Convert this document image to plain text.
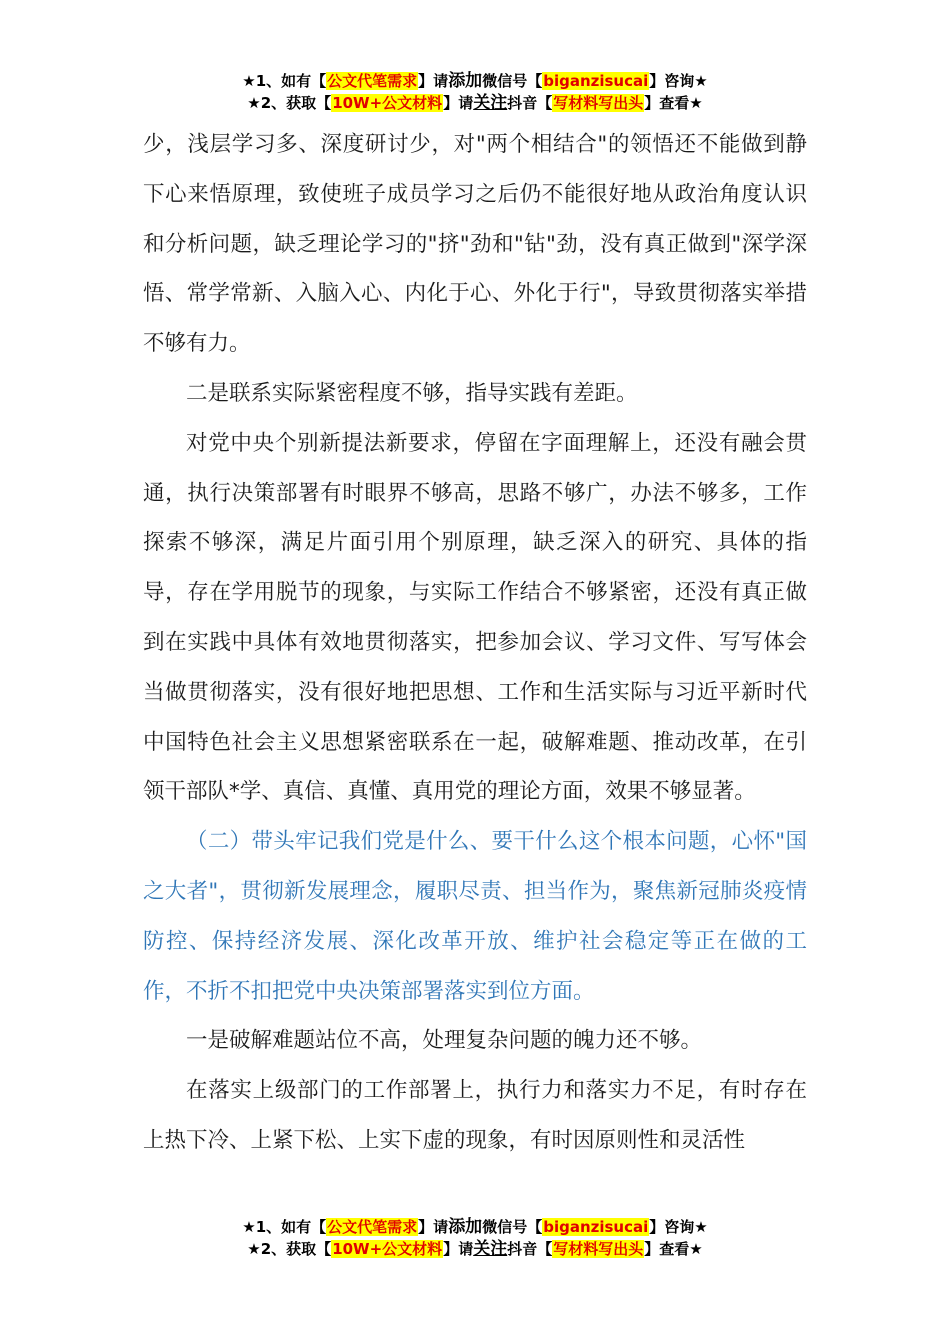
★1、如有【公文代笔需求】请添加微信号【biganzisucai】咨询★
★2、获取【10W+公文材料】请关注抖音【写材料写出头】查看★

少，浅层学习多、深度研讨少，对"两个相结合"的领悟还不能做到静下心来悟原理，致使班子成员学习之后仍不能很好地从政治角度认识和分析问题，缺乏理论学习的"挤"劲和"钻"劲，没有真正做到"深学深悟、常学常新、入脑入心、内化于心、外化于行"，导致贯彻落实举措不够有力。

二是联系实际紧密程度不够，指导实践有差距。

对党中央个别新提法新要求，停留在字面理解上，还没有融会贯通，执行决策部署有时眼界不够高，思路不够广，办法不够多，工作探索不够深，满足片面引用个别原理，缺乏深入的研究、具体的指导，存在学用脱节的现象，与实际工作结合不够紧密，还没有真正做到在实践中具体有效地贯彻落实，把参加会议、学习文件、写写体会当做贯彻落实，没有很好地把思想、工作和生活实际与习近平新时代中国特色社会主义思想紧密联系在一起，破解难题、推动改革，在引领干部队*学、真信、真懂、真用党的理论方面，效果不够显著。

（二）带头牢记我们党是什么、要干什么这个根本问题，心怀"国之大者"，贯彻新发展理念，履职尽责、担当作为，聚焦新冠肺炎疫情防控、保持经济发展、深化改革开放、维护社会稳定等正在做的工作，不折不扣把党中央决策部署落实到位方面。

一是破解难题站位不高，处理复杂问题的魄力还不够。

在落实上级部门的工作部署上，执行力和落实力不足，有时存在上热下冷、上紧下松、上实下虚的现象，有时因原则性和灵活性

★1、如有【公文代笔需求】请添加微信号【biganzisucai】咨询★
★2、获取【10W+公文材料】请关注抖音【写材料写出头】查看★
